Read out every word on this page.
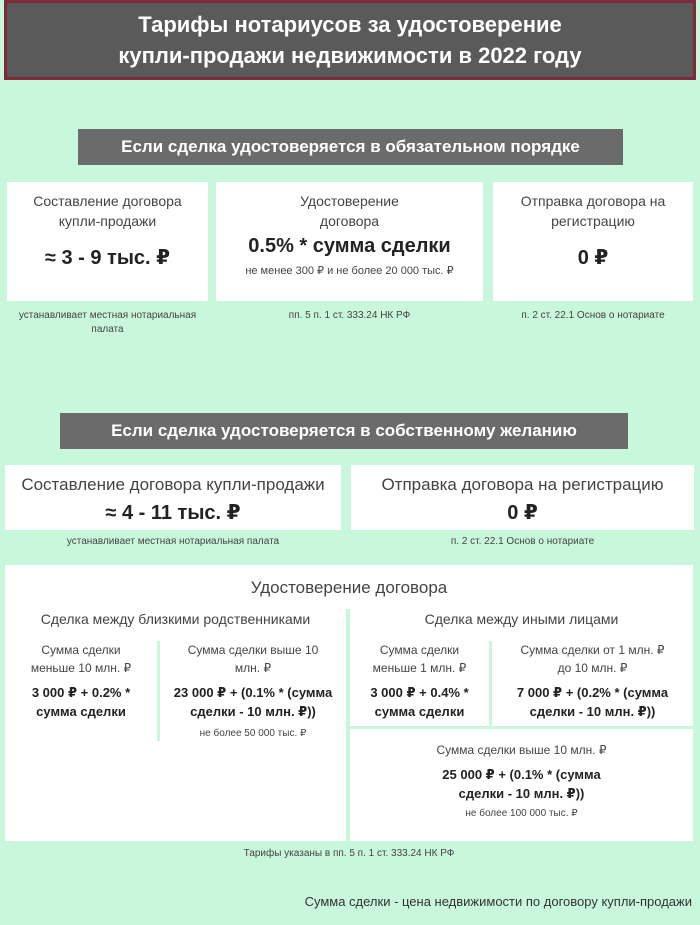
Тарифы нотариусов за удостоверение
купли-продажи недвижимости в 2022 году
Если сделка удостоверяется в обязательном порядке
Составление договора
купли-продажи
≈ 3 - 9 тыс. ₽
Удостоверение
договора
0.5% * сумма сделки
не менее 300 ₽ и не более 20 000 тыс. ₽
Отправка договора на
регистрацию
0 ₽
устанавливает местная нотариальная
палата
пп. 5 п. 1 ст. 333.24 НК РФ	п. 2 ст. 22.1 Основ о нотариате
Если сделка удостоверяется в собственному желанию
Составление договора купли-продажи
≈ 4 - 11 тыс. ₽
Отправка договора на регистрацию
0 ₽
устанавливает местная нотариальная палата	п. 2 ст. 22.1 Основ о нотариате
Удостоверение договора
Сделка между близкими родственниками
Сумма сделки
меньше 10 млн. ₽
3 000 ₽ + 0.2% *
сумма сделки
Сумма сделки выше 10
млн. ₽
23 000 ₽ + (0.1% * (сумма
сделки - 10 млн. ₽))
не более 50 000 тыс. ₽
Сделка между иными лицами
Сумма сделки
меньше 1 млн. ₽
3 000 ₽ + 0.4% *
сумма сделки
Сумма сделки от 1 млн. ₽
до 10 млн. ₽
7 000 ₽ + (0.2% * (сумма
сделки - 10 млн. ₽))
Сумма сделки выше 10 млн. ₽
25 000 ₽ + (0.1% * (сумма
сделки - 10 млн. ₽))
не более 100 000 тыс. ₽
Тарифы указаны в пп. 5 п. 1 ст. 333.24 НК РФ
Сумма сделки - цена недвижимости по договору купли-продажи
